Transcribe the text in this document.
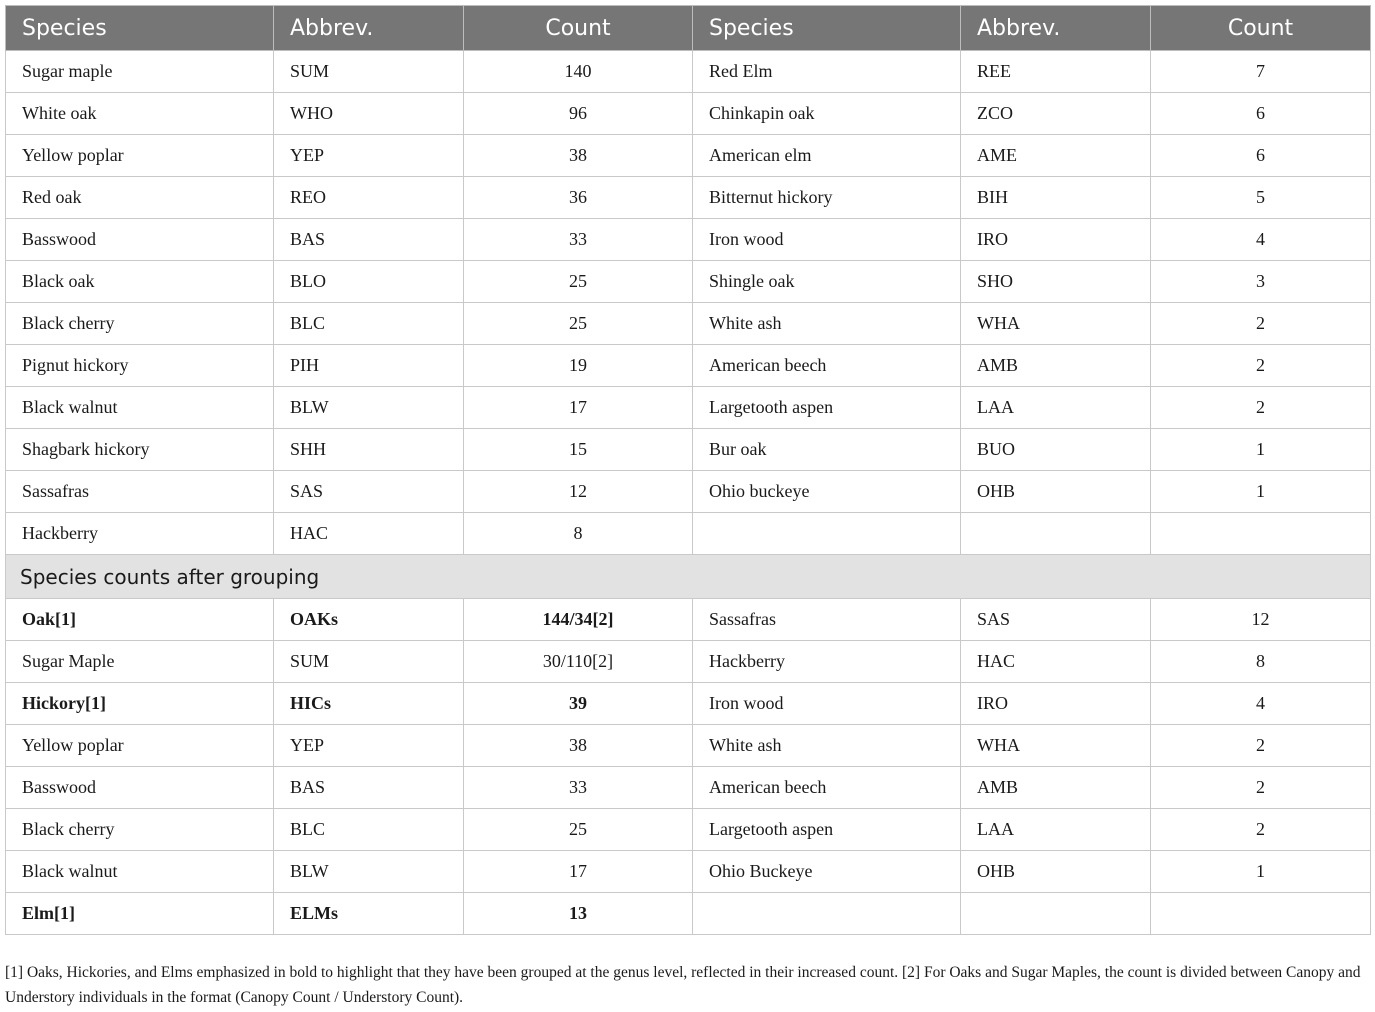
Species	Abbrev.	Count	Species	Abbrev.	Count
Sugar maple	SUM	140	Red Elm	REE	7
White oak	WHO	96	Chinkapin oak	ZCO	6
Yellow poplar	YEP	38	American elm	AME	6
Red oak	REO	36	Bitternut hickory	BIH	5
Basswood	BAS	33	Iron wood	IRO	4
Black oak	BLO	25	Shingle oak	SHO	3
Black cherry	BLC	25	White ash	WHA	2
Pignut hickory	PIH	19	American beech	AMB	2
Black walnut	BLW	17	Largetooth aspen	LAA	2
Shagbark hickory	SHH	15	Bur oak	BUO	1
Sassafras	SAS	12	Ohio buckeye	OHB	1
Hackberry	HAC	8			
Species counts after grouping					
Oak[1]	OAKs	144/34[2]	Sassafras	SAS	12
Sugar Maple	SUM	30/110[2]	Hackberry	HAC	8
Hickory[1]	HICs	39	Iron wood	IRO	4
Yellow poplar	YEP	38	White ash	WHA	2
Basswood	BAS	33	American beech	AMB	2
Black cherry	BLC	25	Largetooth aspen	LAA	2
Black walnut	BLW	17	Ohio Buckeye	OHB	1
Elm[1]	ELMs	13			
[1] Oaks, Hickories, and Elms emphasized in bold to highlight that they have been grouped at the genus level, reflected in their increased count. [2] For Oaks and Sugar Maples, the count is divided between Canopy and Understory individuals in the format (Canopy Count / Understory Count).
